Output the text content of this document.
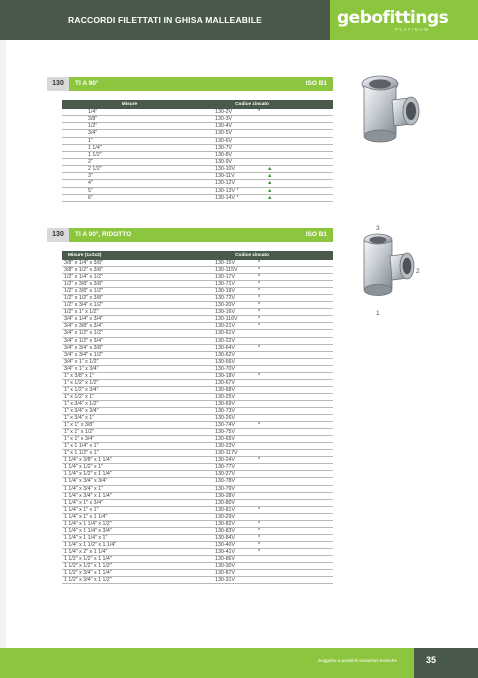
RACCORDI FILETTATI IN GHISA MALLEABILE	gebofittings
PLATINUM
130	TI A 90°	ISO B1
Misure	Codice zincato
1/4"	130-2V	*
3/8"	130-3V
1/2"	130-4V
3/4"	130-5V
1"	130-6V
1 1/4"	130-7V
1 1/2"	130-8V
2"	130-9V
2 1/2"	130-10V	▲
3"	130-11V	▲
4"	130-12V	▲
5"	130-13V *	▲
6"	130-14V *	▲
130	TI A 90°, RIDOTTO	ISO B1
Misure (1x2x3)	Codice zincato
3/8" x 1/4" x 3/8"	130-15V	*
3/8" x 1/2" x 3/8"	130-115V	*
1/2" x 1/4" x 1/2"	130-17V	*
1/2" x 3/8" x 3/8"	130-71V	*
1/2" x 3/8" x 1/2"	130-19V	*
1/2" x 1/2" x 3/8"	130-72V	*
1/2" x 3/4" x 1/2"	130-20V	*
1/2" x 1" x 1/2"	130-16V	*
3/4" x 1/4" x 3/4"	130-116V	*
3/4" x 3/8" x 3/4"	130-21V	*
3/4" x 1/2" x 1/2"	130-61V
3/4" x 1/2" x 3/4"	130-22V
3/4" x 3/4" x 3/8"	130-64V	*
3/4" x 3/4" x 1/2"	130-62V
3/4" x 1" x 1/2"	130-66V
3/4" x 1" x 3/4"	130-70V
1" x 3/8" x 1"	130-18V	*
1" x 1/2" x 1/2"	130-67V
1" x 1/2" x 3/4"	130-68V
1" x 1/2" x 1"	130-25V
1" x 3/4" x 1/2"	130-69V
1" x 3/4" x 3/4"	130-73V
1" x 3/4" x 1"	130-26V
1" x 1" x 3/8"	130-74V	*
1" x 1" x 1/2"	130-75V
1" x 1" x 3/4"	130-65V
1" x 1 1/4" x 1"	130-23V
1" x 1 1/2" x 1"	130-117V
1 1/4" x 3/8" x 1 1/4"	130-24V	*
1 1/4" x 1/2" x 1"	130-77V
1 1/4" x 1/2" x 1 1/4"	130-27V
1 1/4" x 3/4" x 3/4"	130-78V
1 1/4" x 3/4" x 1"	130-79V
1 1/4" x 3/4" x 1 1/4"	130-28V
1 1/4" x 1" x 3/4"	130-80V
1 1/4" x 1" x 1"	130-81V	*
1 1/4" x 1" x 1 1/4"	130-29V
1 1/4" x 1 1/4" x 1/2"	130-82V	*
1 1/4" x 1 1/4" x 3/4"	130-83V	*
1 1/4" x 1 1/4" x 1"	130-84V	*
1 1/4" x 1 1/2" x 1 1/4"	130-40V	*
1 1/4" x 2" x 1 1/4"	130-41V	*
1 1/2" x 1/2" x 1 1/4"	130-86V
1 1/2" x 1/2" x 1 1/2"	130-30V
1 1/2" x 3/4" x 1 1/4"	130-87V
1 1/2" x 3/4" x 1 1/2"	130-31V
3
2
1
Soggetto a possibili variazioni tecniche	35
